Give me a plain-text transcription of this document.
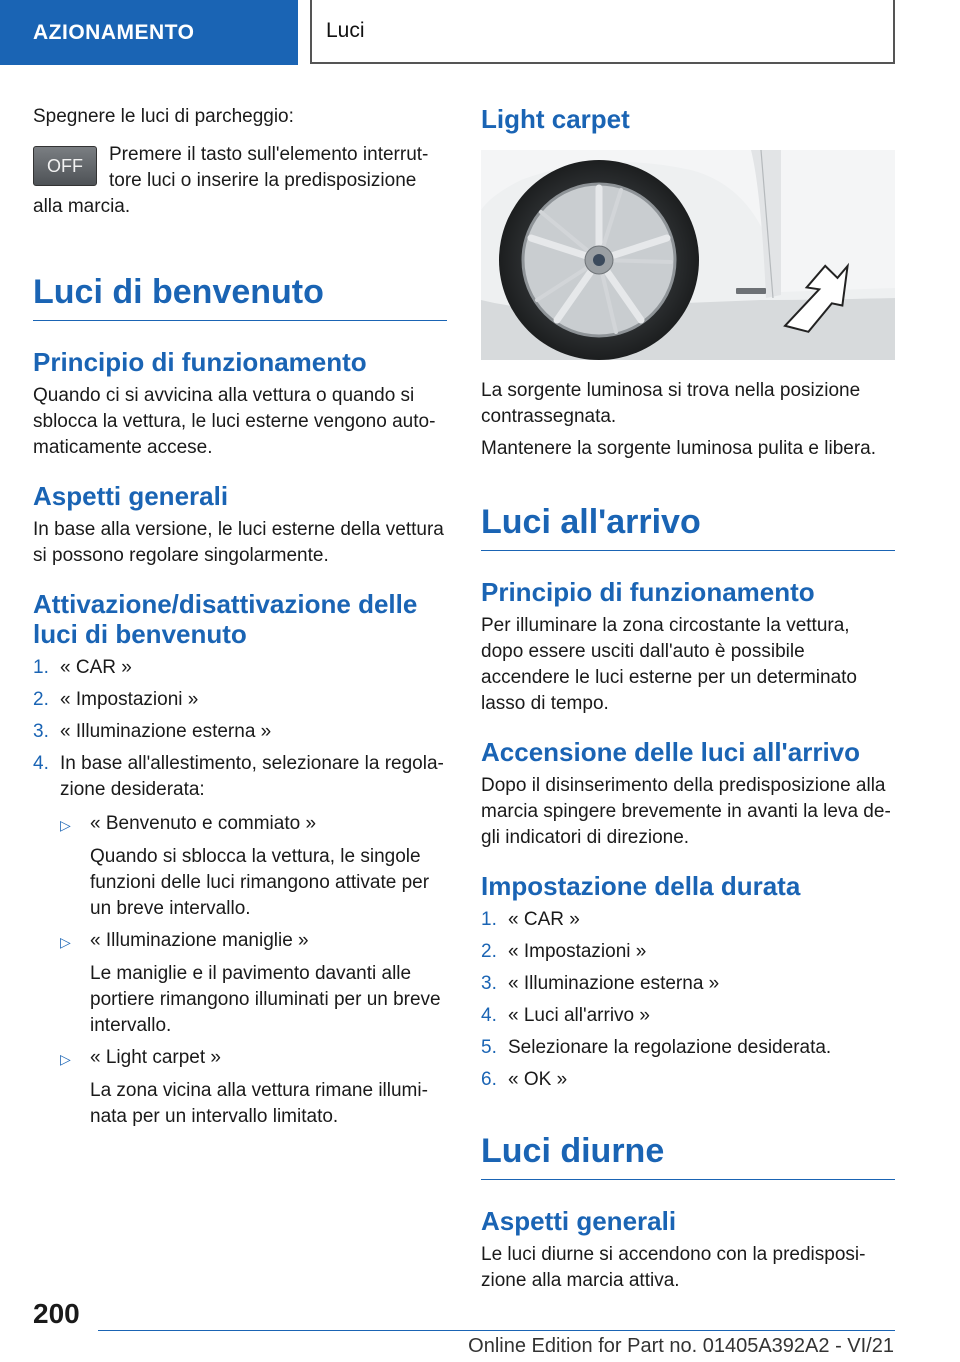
AZIONAMENTO	Luci

Spegnere le luci di parcheggio:

OFF

Premere il tasto sull'elemento interruttore luci o inserire la predisposizione alla marcia.

Luci di benvenuto
Principio di funzionamento

Quando ci si avvicina alla vettura o quando si sblocca la vettura, le luci esterne vengono automaticamente accese.

Aspetti generali

In base alla versione, le luci esterne della vettura si possono regolare singolarmente.

Attivazione/disattivazione delle luci di benvenuto
1. « CAR »
2. « Impostazioni »
3. « Illuminazione esterna »
4. In base all'allestimento, selezionare la regolazione desiderata:
▷	« Benvenuto e commiato »

Quando si sblocca la vettura, le singole funzioni delle luci rimangono attivate per un breve intervallo.

▷	« Illuminazione maniglie »

Le maniglie e il pavimento davanti alle portiere rimangono illuminati per un breve intervallo.

▷	« Light carpet »

La zona vicina alla vettura rimane illuminata per un intervallo limitato.

Light carpet

La sorgente luminosa si trova nella posizione contrassegnata.

Mantenere la sorgente luminosa pulita e libera.

Luci all'arrivo
Principio di funzionamento

Per illuminare la zona circostante la vettura, dopo essere usciti dall'auto è possibile accendere le luci esterne per un determinato lasso di tempo.

Accensione delle luci all'arrivo

Dopo il disinserimento della predisposizione alla marcia spingere brevemente in avanti la leva degli indicatori di direzione.

Impostazione della durata
1. « CAR »
2. « Impostazioni »
3. « Illuminazione esterna »
4. « Luci all'arrivo »
5. Selezionare la regolazione desiderata.
6. « OK »
Luci diurne
Aspetti generali

Le luci diurne si accendono con la predisposizione alla marcia attiva.

200
Online Edition for Part no. 01405A392A2 - VI/21
